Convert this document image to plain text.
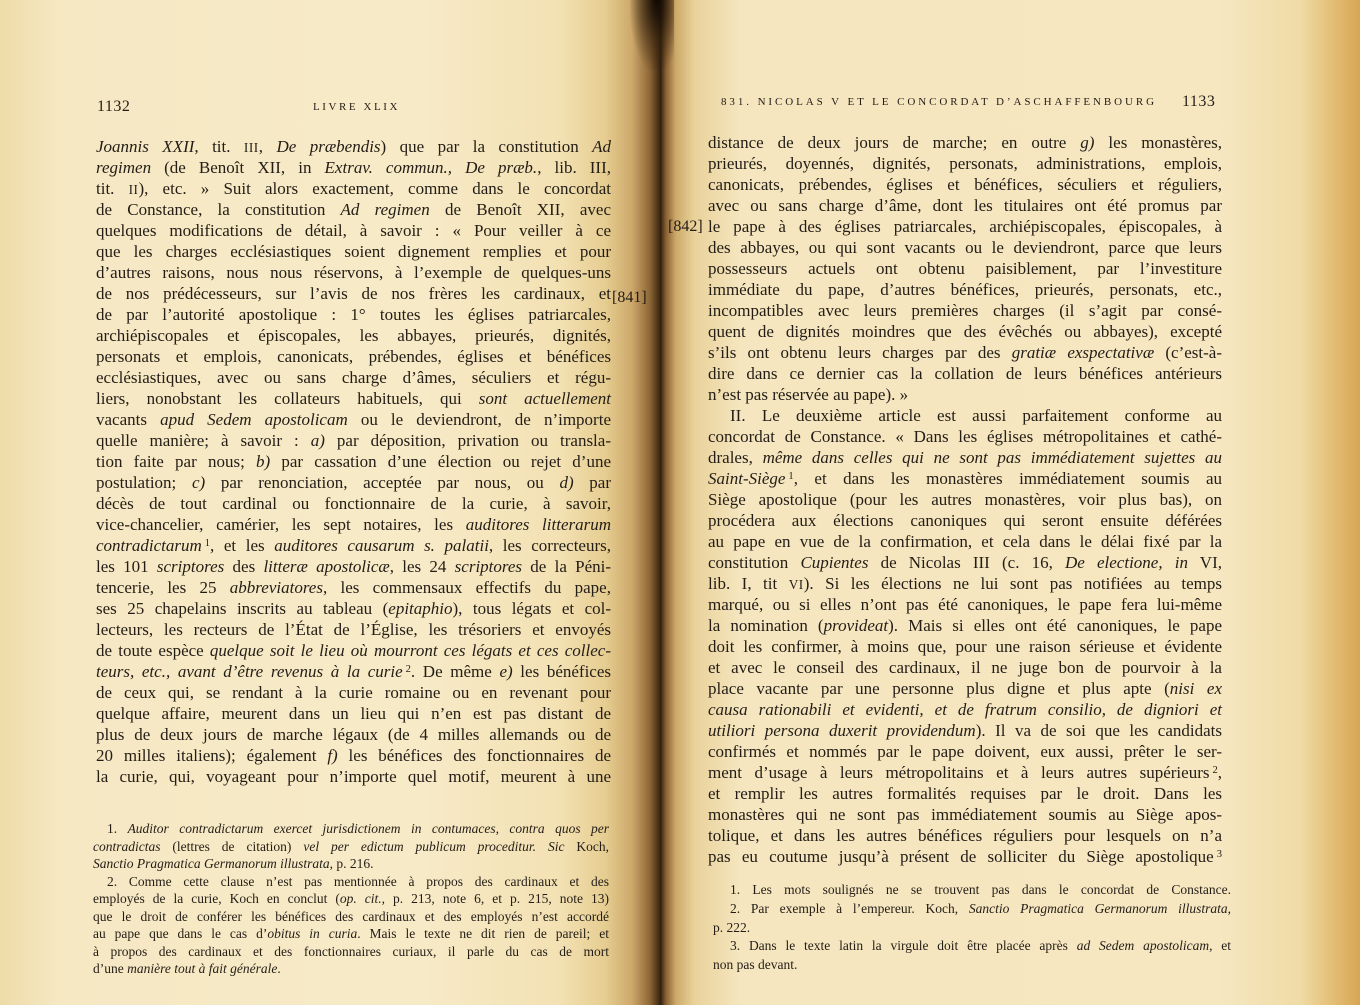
1132	LIVRE XLIX
Joannis XXII, tit. III, De præbendis) que par la constitution Ad
regimen (de Benoît XII, in Extrav. commun., De præb., lib. III,
tit. II), etc. » Suit alors exactement, comme dans le concordat
de Constance, la constitution Ad regimen de Benoît XII, avec
quelques modifications de détail, à savoir : « Pour veiller à ce
que les charges ecclésiastiques soient dignement remplies et pour
d’autres raisons, nous nous réservons, à l’exemple de quelques-uns
de nos prédécesseurs, sur l’avis de nos frères les cardinaux, et
de par l’autorité apostolique : 1° toutes les églises patriarcales,
archiépiscopales et épiscopales, les abbayes, prieurés, dignités,
personats et emplois, canonicats, prébendes, églises et bénéfices
ecclésiastiques, avec ou sans charge d’âmes, séculiers et régu-
liers, nonobstant les collateurs habituels, qui sont actuellement
vacants apud Sedem apostolicam ou le deviendront, de n’importe
quelle manière; à savoir : a) par déposition, privation ou transla-
tion faite par nous; b) par cassation d’une élection ou rejet d’une
postulation; c) par renonciation, acceptée par nous, ou d) par
décès de tout cardinal ou fonctionnaire de la curie, à savoir,
vice-chancelier, camérier, les sept notaires, les auditores litterarum
contradictarum $^1$, et les auditores causarum s. palatii, les correcteurs,
les 101 scriptores des litteræ apostolicæ, les 24 scriptores de la Péni-
tencerie, les 25 abbreviatores, les commensaux effectifs du pape,
ses 25 chapelains inscrits au tableau (epitaphio), tous légats et col-
lecteurs, les recteurs de l’État de l’Église, les trésoriers et envoyés
de toute espèce quelque soit le lieu où mourront ces légats et ces collec-
teurs, etc., avant d’être revenus à la curie $^2$. De même e) les bénéfices
de ceux qui, se rendant à la curie romaine ou en revenant pour
quelque affaire, meurent dans un lieu qui n’en est pas distant de
plus de deux jours de marche légaux (de 4 milles allemands ou de
20 milles italiens); également f) les bénéfices des fonctionnaires de
la curie, qui, voyageant pour n’importe quel motif, meurent à une
[841]
1. Auditor contradictarum exercet jurisdictionem in contumaces, contra quos per
contradictas (lettres de citation) vel per edictum publicum proceditur. Sic Koch,
Sanctio Pragmatica Germanorum illustrata, p. 216.
2. Comme cette clause n’est pas mentionnée à propos des cardinaux et des
employés de la curie, Koch en conclut (op. cit., p. 213, note 6, et p. 215, note 13)
que le droit de conférer les bénéfices des cardinaux et des employés n’est accordé
au pape que dans le cas d’obitus in curia. Mais le texte ne dit rien de pareil; et
à propos des cardinaux et des fonctionnaires curiaux, il parle du cas de mort
d’une manière tout à fait générale.
831. NICOLAS V ET LE CONCORDAT D’ASCHAFFENBOURG 1133
[842]
distance de deux jours de marche; en outre g) les monastères,
prieurés, doyennés, dignités, personats, administrations, emplois,
canonicats, prébendes, églises et bénéfices, séculiers et réguliers,
avec ou sans charge d’âme, dont les titulaires ont été promus par
le pape à des églises patriarcales, archiépiscopales, épiscopales, à
des abbayes, ou qui sont vacants ou le deviendront, parce que leurs
possesseurs actuels ont obtenu paisiblement, par l’investiture
immédiate du pape, d’autres bénéfices, prieurés, personats, etc.,
incompatibles avec leurs premières charges (il s’agit par consé-
quent de dignités moindres que des évêchés ou abbayes), excepté
s’ils ont obtenu leurs charges par des gratiæ exspectativæ (c’est-à-
dire dans ce dernier cas la collation de leurs bénéfices antérieurs
n’est pas réservée au pape). »
II. Le deuxième article est aussi parfaitement conforme au
concordat de Constance. « Dans les églises métropolitaines et cathé-
drales, même dans celles qui ne sont pas immédiatement sujettes au
Saint-Siège $^1$, et dans les monastères immédiatement soumis au
Siège apostolique (pour les autres monastères, voir plus bas), on
procédera aux élections canoniques qui seront ensuite déférées
au pape en vue de la confirmation, et cela dans le délai fixé par la
constitution Cupientes de Nicolas III (c. 16, De electione, in VI,
lib. I, tit VI). Si les élections ne lui sont pas notifiées au temps
marqué, ou si elles n’ont pas été canoniques, le pape fera lui-même
la nomination (provideat). Mais si elles ont été canoniques, le pape
doit les confirmer, à moins que, pour une raison sérieuse et évidente
et avec le conseil des cardinaux, il ne juge bon de pourvoir à la
place vacante par une personne plus digne et plus apte (nisi ex
causa rationabili et evidenti, et de fratrum consilio, de digniori et
utiliori persona duxerit providendum). Il va de soi que les candidats
confirmés et nommés par le pape doivent, eux aussi, prêter le ser-
ment d’usage à leurs métropolitains et à leurs autres supérieurs $^2$,
et remplir les autres formalités requises par le droit. Dans les
monastères qui ne sont pas immédiatement soumis au Siège apos-
tolique, et dans les autres bénéfices réguliers pour lesquels on n’a
pas eu coutume jusqu’à présent de solliciter du Siège apostolique $^3$
1. Les mots soulignés ne se trouvent pas dans le concordat de Constance.
2. Par exemple à l’empereur. Koch, Sanctio Pragmatica Germanorum illustrata,
p. 222.
3. Dans le texte latin la virgule doit être placée après ad Sedem apostolicam, et
non pas devant.
